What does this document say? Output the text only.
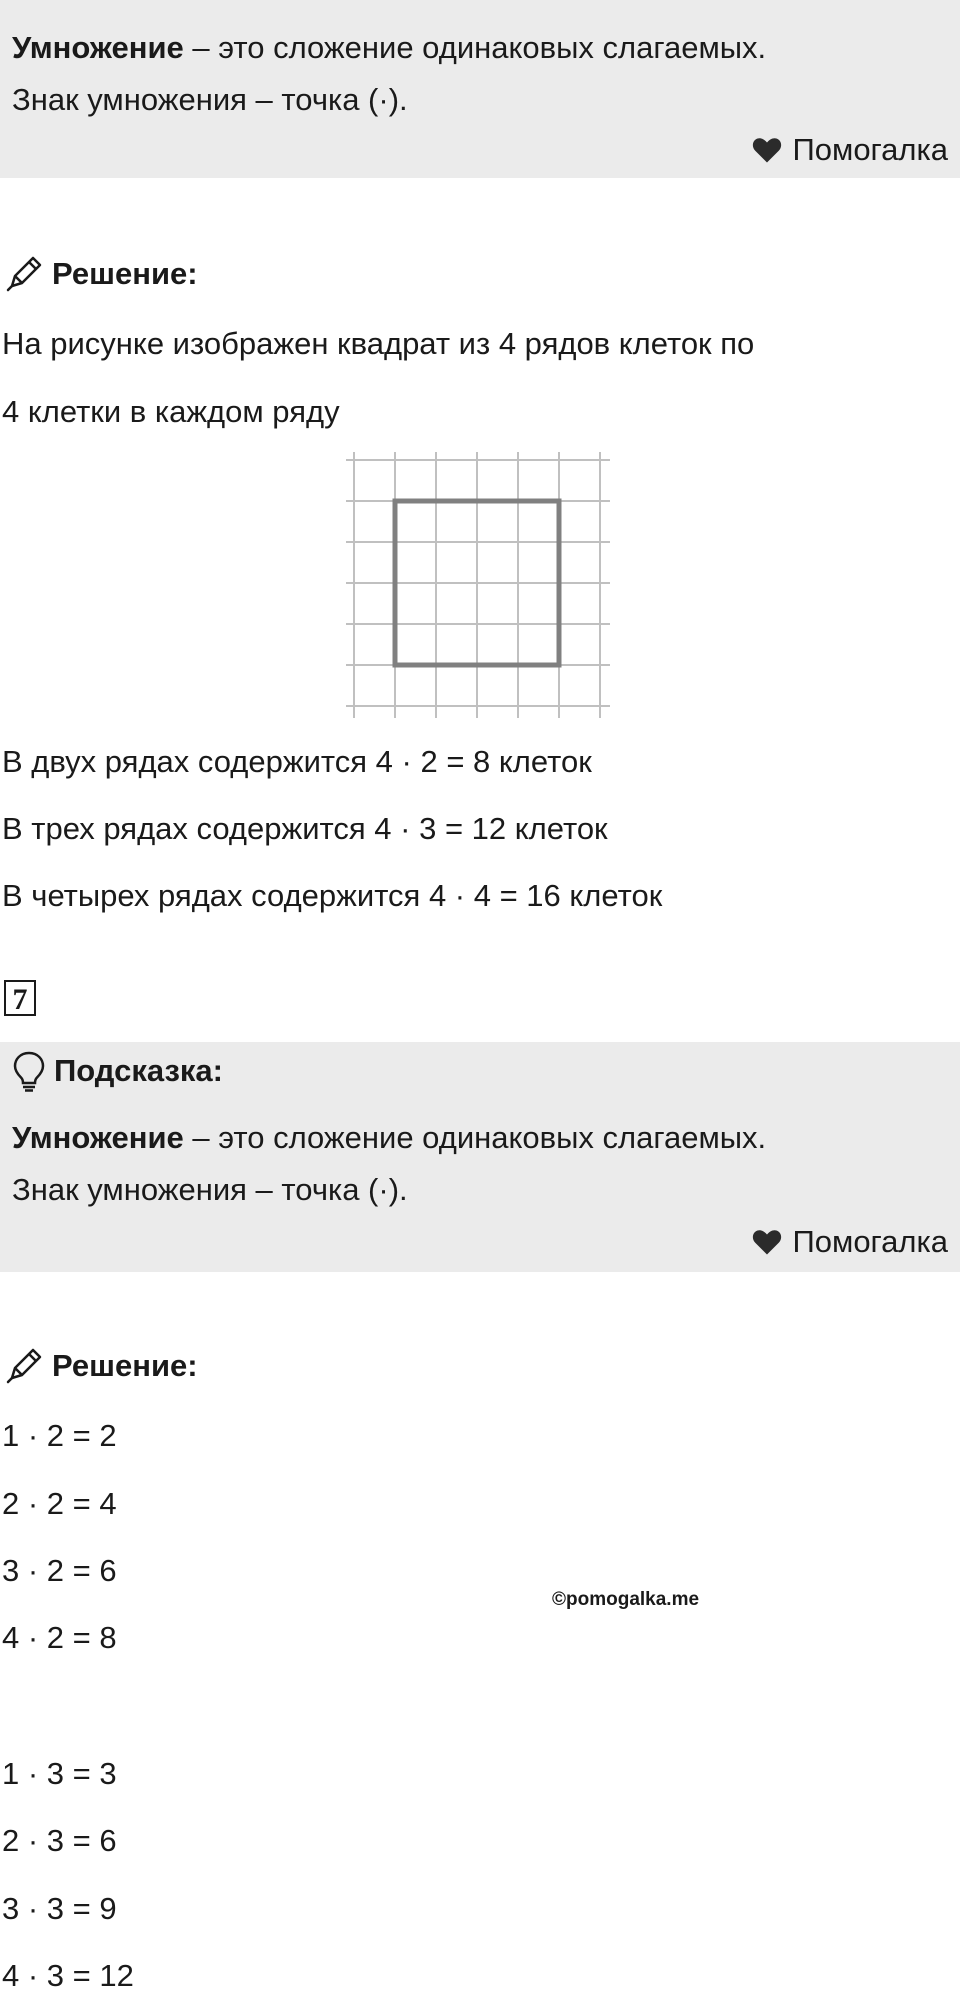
Умножение – это сложение одинаковых слагаемых.
Знак умножения – точка (·).
Помогалка
Решение:
На рисунке изображен квадрат из 4 рядов клеток по
4 клетки в каждом ряду
В двух рядах содержится 4 · 2 = 8 клеток
В трех рядах содержится 4 · 3 = 12 клеток
В четырех рядах содержится 4 · 4 = 16 клеток
7
Подсказка:
Умножение – это сложение одинаковых слагаемых.
Знак умножения – точка (·).
Помогалка
Решение:
1 · 2 = 2
2 · 2 = 4
3 · 2 = 6
4 · 2 = 8
©pomogalka.me
1 · 3 = 3
2 · 3 = 6
3 · 3 = 9
4 · 3 = 12
